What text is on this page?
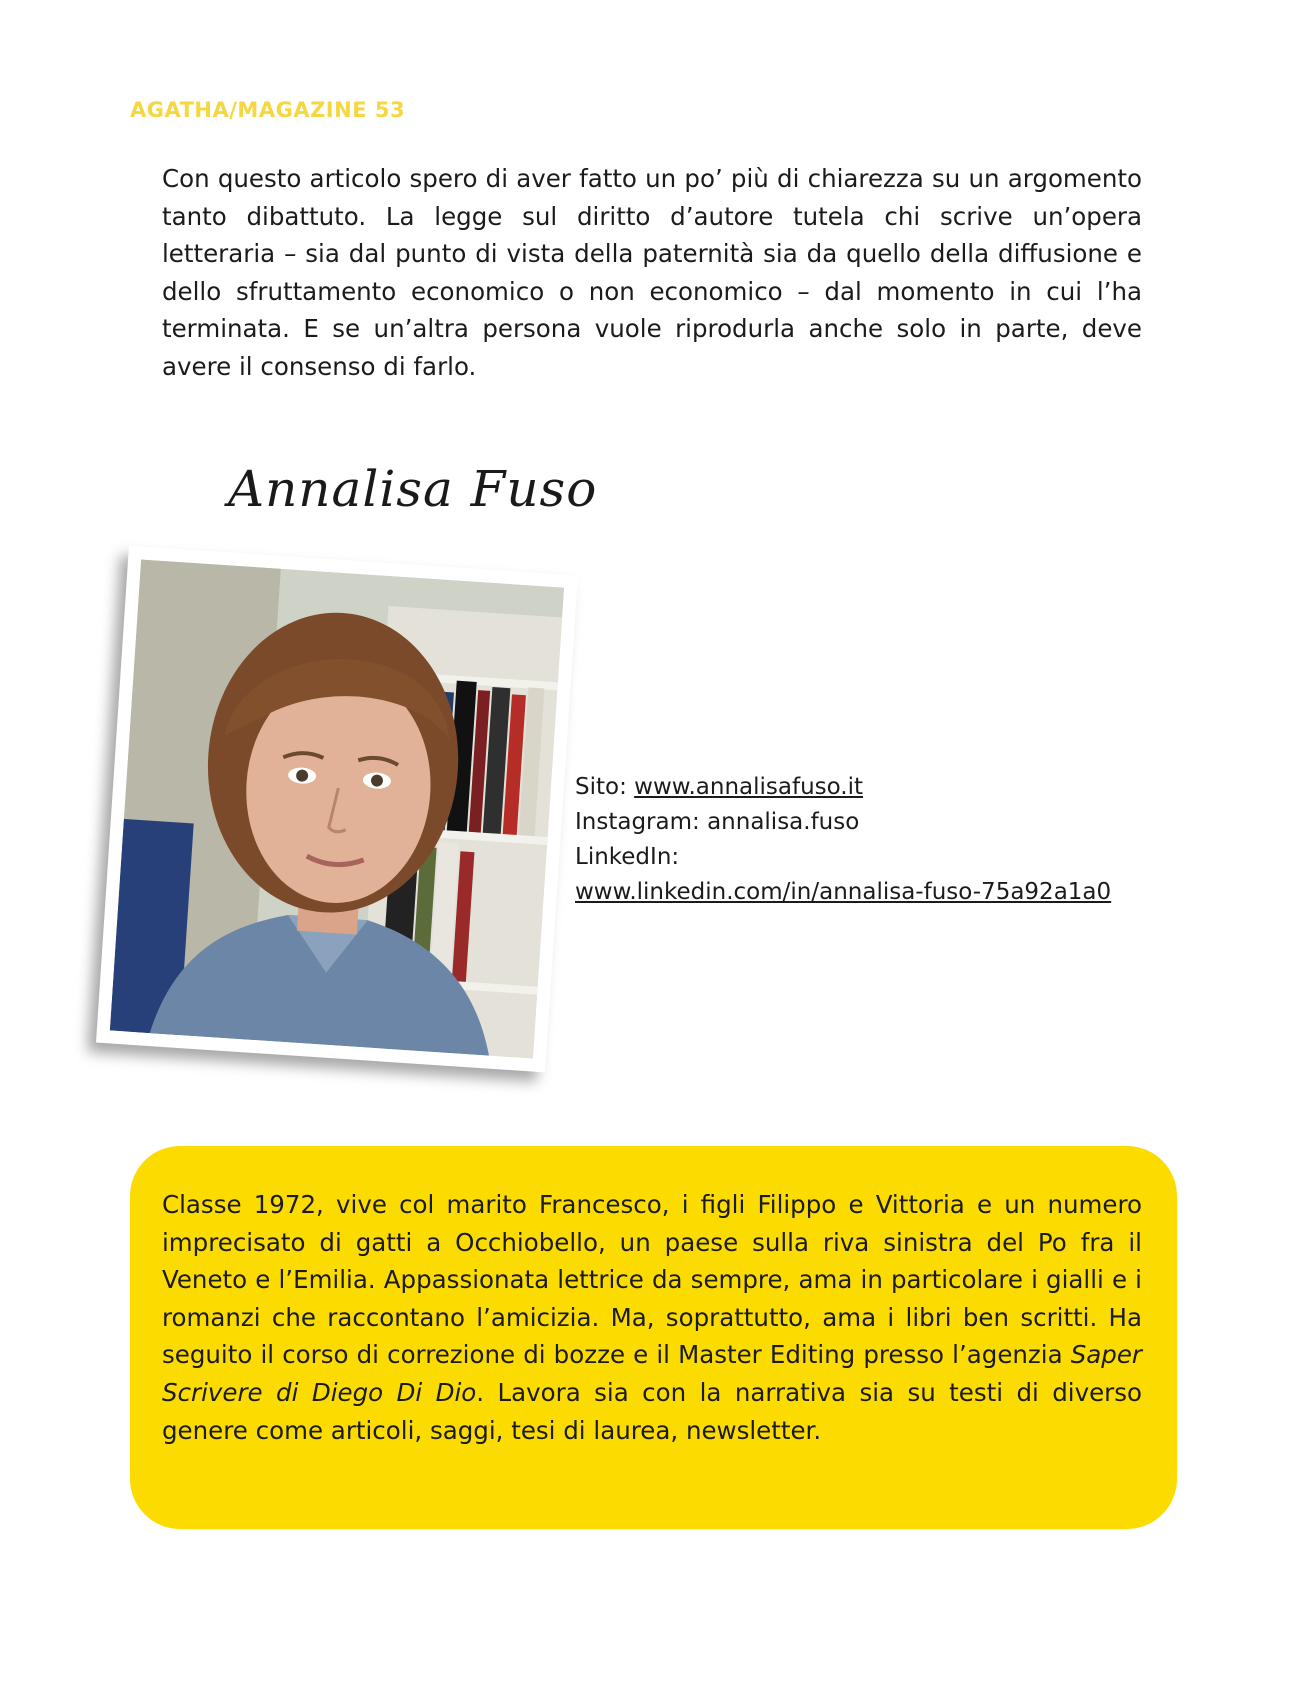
AGATHA/MAGAZINE 53
Con questo articolo spero di aver fatto un po’ più di chiarezza su un argomento tanto dibattuto. La legge sul diritto d’autore tutela chi scrive un’opera letteraria – sia dal punto di vista della paternità sia da quello della diffusione e dello sfruttamento economico o non economico – dal momento in cui l’ha terminata. E se un’altra persona vuole riprodurla anche solo in parte, deve avere il consenso di farlo.
Annalisa Fuso
Sito: www.annalisafuso.it
Instagram: annalisa.fuso
LinkedIn:
www.linkedin.com/in/annalisa-fuso-75a92a1a0
Classe 1972, vive col marito Francesco, i figli Filippo e Vittoria e un numero imprecisato di gatti a Occhiobello, un paese sulla riva sinistra del Po fra il Veneto e l’Emilia. Appassionata lettrice da sempre, ama in particolare i gialli e i romanzi che raccontano l’amicizia. Ma, soprattutto, ama i libri ben scritti. Ha seguito il corso di correzione di bozze e il Master Editing presso l’agenzia Saper Scrivere di Diego Di Dio. Lavora sia con la narrativa sia su testi di diverso genere come articoli, saggi, tesi di laurea, newsletter.
